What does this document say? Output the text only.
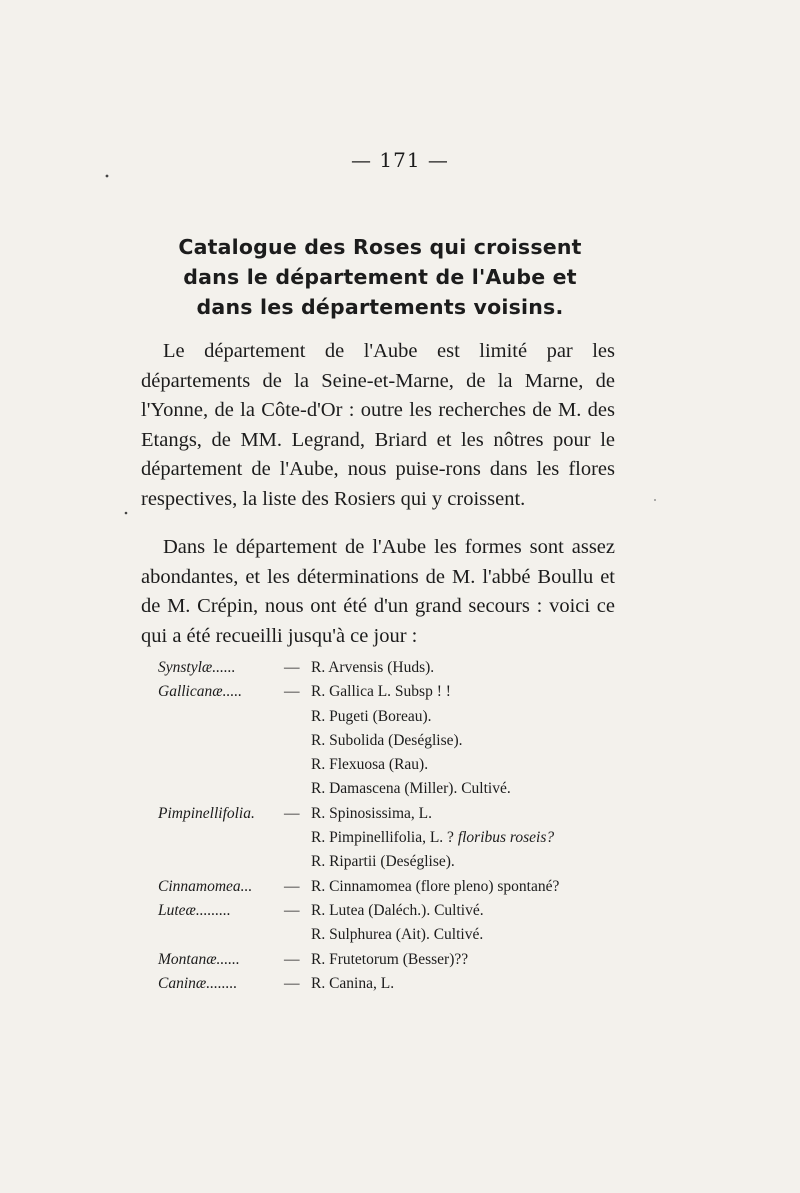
— 171 —
Catalogue des Roses qui croissent
dans le département de l'Aube et
dans les départements voisins.
Le département de l'Aube est limité par les départements de la Seine-et-Marne, de la Marne, de l'Yonne, de la Côte-d'Or : outre les recherches de M. des Etangs, de MM. Legrand, Briard et les nôtres pour le département de l'Aube, nous puise-rons dans les flores respectives, la liste des Rosiers qui y croissent.
Dans le département de l'Aube les formes sont assez abondantes, et les déterminations de M. l'abbé Boullu et de M. Crépin, nous ont été d'un grand secours : voici ce qui a été recueilli jusqu'à ce jour :
Synstylæ......	— R. Arvensis (Huds).
Gallicanæ.....	— R. Gallica L. Subsp ! !
R. Pugeti (Boreau).
R. Subolida (Deséglise).
R. Flexuosa (Rau).
R. Damascena (Miller). Cultivé.
Pimpinellifolia. — R. Spinosissima, L.
R. Pimpinellifolia, L. ? floribus roseis?
R. Ripartii (Deséglise).
Cinnamomea... — R. Cinnamomea (flore pleno) spontané?
Luteæ.........	— R. Lutea (Daléch.). Cultivé.
R. Sulphurea (Ait). Cultivé.
Montanæ......	— R. Frutetorum (Besser)??
Caninæ........	— R. Canina, L.
